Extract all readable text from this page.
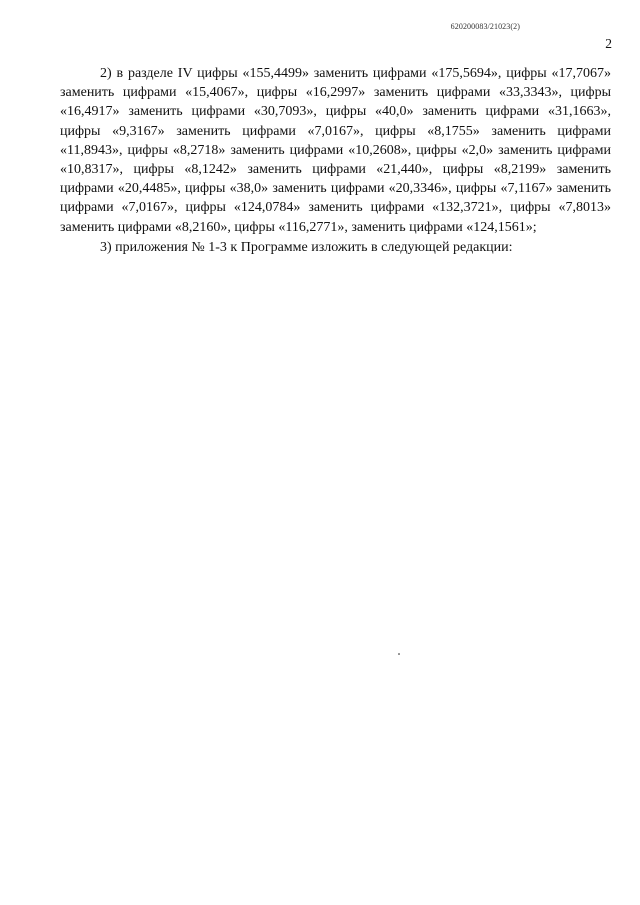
620200083/21023(2)
2

2) в разделе IV цифры «155,4499» заменить цифрами «175,5694», цифры «17,7067» заменить цифрами «15,4067», цифры «16,2997» заменить цифрами «33,3343», цифры «16,4917» заменить цифрами «30,7093», цифры «40,0» заменить цифрами «31,1663», цифры «9,3167» заменить цифрами «7,0167», цифры «8,1755» заменить цифрами «11,8943», цифры «8,2718» заменить цифрами «10,2608», цифры «2,0» заменить цифрами «10,8317», цифры «8,1242» заменить цифрами «21,440», цифры «8,2199» заменить цифрами «20,4485», цифры «38,0» заменить цифрами «20,3346», цифры «7,1167» заменить цифрами «7,0167», цифры «124,0784» заменить цифрами «132,3721», цифры «7,8013» заменить цифрами «8,2160», цифры «116,2771», заменить цифрами «124,1561»;

3) приложения № 1-3 к Программе изложить в следующей редакции:
